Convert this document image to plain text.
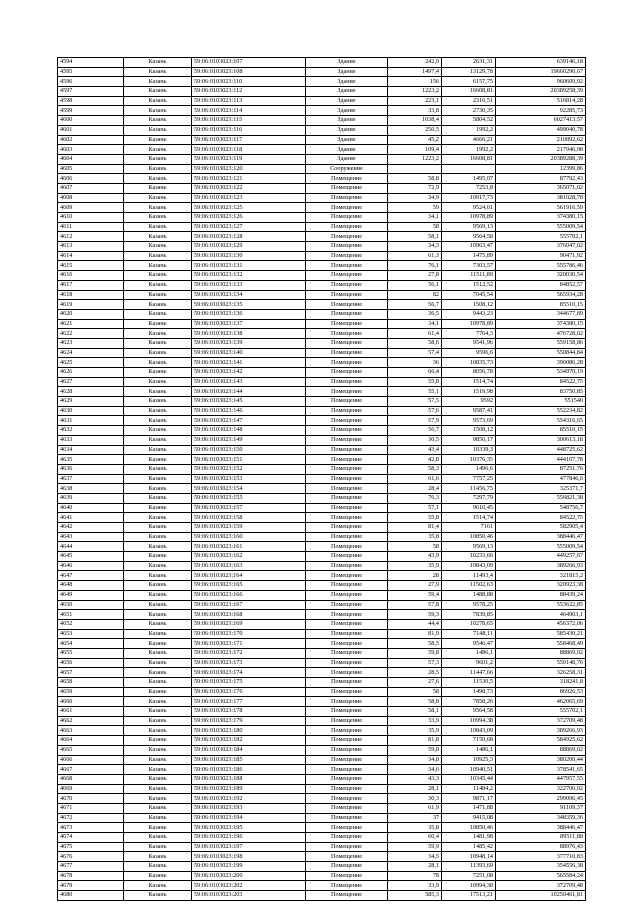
4594	Казань	59:06:0103023:107	Здание	242,9	2631,31	639146,18
4595	Казань	59:06:0103023:108	Здание	1497,4	13129,78	19660290,67
4596	Казань	59:06:0103023:110	Здание	156	6157,75	960609,92
4597	Казань	59:06:0103023:112	Здание	1223,2	16608,81	20389258,39
4598	Казань	59:06:0103023:113	Здание	223,1	2316,51	516814,28
4599	Казань	59:06:0103023:114	Здание	33,8	2730,35	92285,73
4600	Казань	59:06:0103023:115	Здание	1038,4	5804,52	6027413,57
4601	Казань	59:06:0103023:116	Здание	250,5	1992,2	499040,78
4602	Казань	59:06:0103023:117	Здание	45,2	4666,21	210892,62
4603	Казань	59:06:0103023:118	Здание	109,4	1992,2	217946,98
4604	Казань	59:06:0103023:119	Здание	1223,2	16608,81	20389288,39
4605	Казань	59:06:0103023:120	Сооружение			12399,86
4606	Казань	59:06:0103023:121	Помещение	58,8	1495,07	87792,43
4607	Казань	59:06:0103023:122	Помещение	72,9	7253,8	365071,02
4608	Казань	59:06:0103023:123	Помещение	34,9	10917,73	381028,78
4609	Казань	59:06:0103023:125	Помещение	59	9524,01	561916,59
4610	Казань	59:06:0103023:126	Помещение	34,1	10978,89	374380,15
4611	Казань	59:06:0103023:127	Помещение	58	9569,13	555009,54
4612	Казань	59:06:0103023:128	Помещение	58,1	9564,58	555702,1
4613	Казань	59:06:0103023:129	Помещение	34,3	10963,47	376047,02
4614	Казань	59:06:0103023:130	Помещение	61,3	1475,89	90471,92
4615	Казань	59:06:0103023:131	Помещение	76,1	7303,57	555786,46
4616	Казань	59:06:0103023:132	Помещение	27,8	11511,89	320030,54
4617	Казань	59:06:0103023:133	Помещение	56,1	1512,52	84852,57
4618	Казань	59:06:0103023:134	Помещение	82	7045,54	565934,28
4619	Казань	59:06:0103023:135	Помещение	56,7	1508,12	85510,15
4620	Казань	59:06:0103023:136	Помещение	36,5	9443,23	344677,89
4621	Казань	59:06:0103023:137	Помещение	34,1	10978,89	374380,15
4622	Казань	59:06:0103023:138	Помещение	61,4	7764,3	476728,02
4623	Казань	59:06:0103023:139	Помещение	58,6	9541,96	559158,86
4624	Казань	59:06:0103023:140	Помещение	57,4	9596,6	550844,84
4625	Казань	59:06:0103023:141	Помещение	36	10835,73	390086,28
4626	Казань	59:06:0103023:142	Помещение	66,4	8056,78	534970,19
4627	Казань	59:06:0103023:143	Помещение	55,8	1514,74	84522,75
4628	Казань	59:06:0103023:144	Помещение	55,1	1519,98	83750,85
4629	Казань	59:06:0103023:145	Помещение	57,5	9592	551540
4630	Казань	59:06:0103023:146	Помещение	57,6	9587,41	552234,82
4631	Казань	59:06:0103023:147	Помещение	57,9	9573,69	554316,65
4632	Казань	59:06:0103023:148	Помещение	56,7	1508,12	85510,15
4633	Казань	59:06:0103023:149	Помещение	30,5	9856,17	300613,18
4634	Казань	59:06:0103023:150	Помещение	43,4	10339,3	448725,62
4635	Казань	59:06:0103023:151	Помещение	42,8	10376,35	444107,78
4636	Казань	59:06:0103023:152	Помещение	58,3	1496,6	87251,76
4637	Казань	59:06:0103023:153	Помещение	61,6	7757,25	477846,6
4638	Казань	59:06:0103023:154	Помещение	28,4	11456,75	325371,7
4639	Казань	59:06:0103023:155	Помещение	76,3	7297,79	556821,38
4640	Казань	59:06:0103023:157	Помещение	57,1	9610,45	548756,7
4641	Казань	59:06:0103023:158	Помещение	55,8	1514,74	84522,75
4642	Казань	59:06:0103023:159	Помещение	81,4	7161	582905,4
4643	Казань	59:06:0103023:160	Помещение	35,8	10850,46	388446,47
4644	Казань	59:06:0103023:161	Помещение	58	9569,13	555009,54
4645	Казань	59:06:0103023:162	Помещение	43,9	10233,66	449257,67
4646	Казань	59:06:0103023:163	Помещение	35,9	10843,09	389266,93
4647	Казань	59:06:0103023:164	Помещение	28	11493,4	321815,2
4648	Казань	59:06:0103023:165	Помещение	27,9	11502,63	320923,38
4649	Казань	59:06:0103023:166	Помещение	59,4	1488,88	88439,24
4650	Казань	59:06:0103023:167	Помещение	57,8	9578,25	553622,85
4651	Казань	59:06:0103023:168	Помещение	59,3	7839,85	464903,1
4652	Казань	59:06:0103023:169	Помещение	44,4	10278,65	456372,06
4653	Казань	59:06:0103023:170	Помещение	81,9	7148,11	585430,21
4654	Казань	59:06:0103023:171	Помещение	58,5	9546,47	558468,49
4655	Казань	59:06:0103023:172	Помещение	59,8	1486,1	88869,02
4656	Казань	59:06:0103023:173	Помещение	57,3	9601,2	550148,76
4657	Казань	59:06:0103023:174	Помещение	28,5	11447,66	326258,31
4658	Казань	59:06:0103023:175	Помещение	27,6	11530,5	318241,8
4659	Казань	59:06:0103023:176	Помещение	58	1498,73	86926,53
4660	Казань	59:06:0103023:177	Помещение	58,8	7858,26	462065,69
4661	Казань	59:06:0103023:178	Помещение	58,1	9564,58	555702,1
4662	Казань	59:06:0103023:179	Помещение	33,9	10994,38	372709,48
4663	Казань	59:06:0103023:180	Помещение	35,9	10843,09	389266,93
4664	Казань	59:06:0103023:182	Помещение	81,8	7150,68	584925,62
4665	Казань	59:06:0103023:184	Помещение	59,8	1486,1	88869,02
4666	Казань	59:06:0103023:185	Помещение	34,8	10925,3	380200,44
4667	Казань	59:06:0103023:186	Помещение	34,6	10940,51	378541,65
4668	Казань	59:06:0103023:188	Помещение	43,3	10345,44	447957,55
4669	Казань	59:06:0103023:189	Помещение	28,1	11484,2	322706,02
4670	Казань	59:06:0103023:192	Помещение	30,3	9871,17	299096,45
4671	Казань	59:06:0103023:193	Помещение	61,9	1471,88	91109,37
4672	Казань	59:06:0103023:194	Помещение	37	9415,08	348359,36
4673	Казань	59:06:0103023:195	Помещение	35,8	10850,46	388446,47
4674	Казань	59:06:0103023:196	Помещение	60,4	1481,98	89511,88
4675	Казань	59:06:0103023:197	Помещение	59,9	1485,42	88976,43
4676	Казань	59:06:0103023:198	Помещение	34,5	10948,14	377710,83
4677	Казань	59:06:0103023:199	Помещение	28,1	11393,69	354556,38
4678	Казань	59:06:0103023:200	Помещение	78	7251,08	565584,24
4679	Казань	59:06:0103023:202	Помещение	33,9	10994,38	372709,48
4680	Казань	59:06:0103023:203	Помещение	585,3	17513,21	10250461,81
